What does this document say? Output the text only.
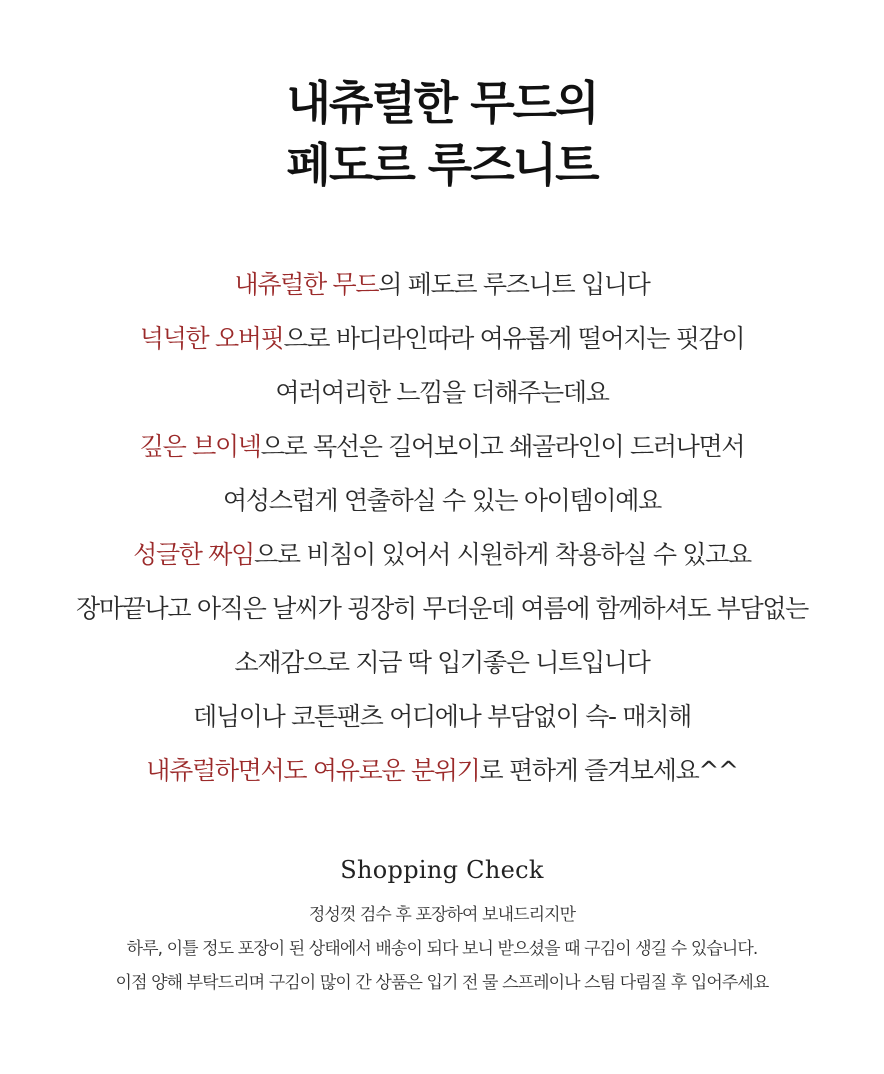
내츄럴한 무드의
페도르 루즈니트
내츄럴한 무드의 페도르 루즈니트 입니다
넉넉한 오버핏으로 바디라인따라 여유롭게 떨어지는 핏감이
여러여리한 느낌을 더해주는데요
깊은 브이넥으로 목선은 길어보이고 쇄골라인이 드러나면서
여성스럽게 연출하실 수 있는 아이템이예요
성글한 짜임으로 비침이 있어서 시원하게 착용하실 수 있고요
장마끝나고 아직은 날씨가 굉장히 무더운데 여름에 함께하셔도 부담없는
소재감으로 지금 딱 입기좋은 니트입니다
데님이나 코튼팬츠 어디에나 부담없이 슥- 매치해
내츄럴하면서도 여유로운 분위기로 편하게 즐겨보세요^^
Shopping Check
정성껏 검수 후 포장하여 보내드리지만
하루, 이틀 정도 포장이 된 상태에서 배송이 되다 보니 받으셨을 때 구김이 생길 수 있습니다.
이점 양해 부탁드리며 구김이 많이 간 상품은 입기 전 물 스프레이나 스팀 다림질 후 입어주세요
